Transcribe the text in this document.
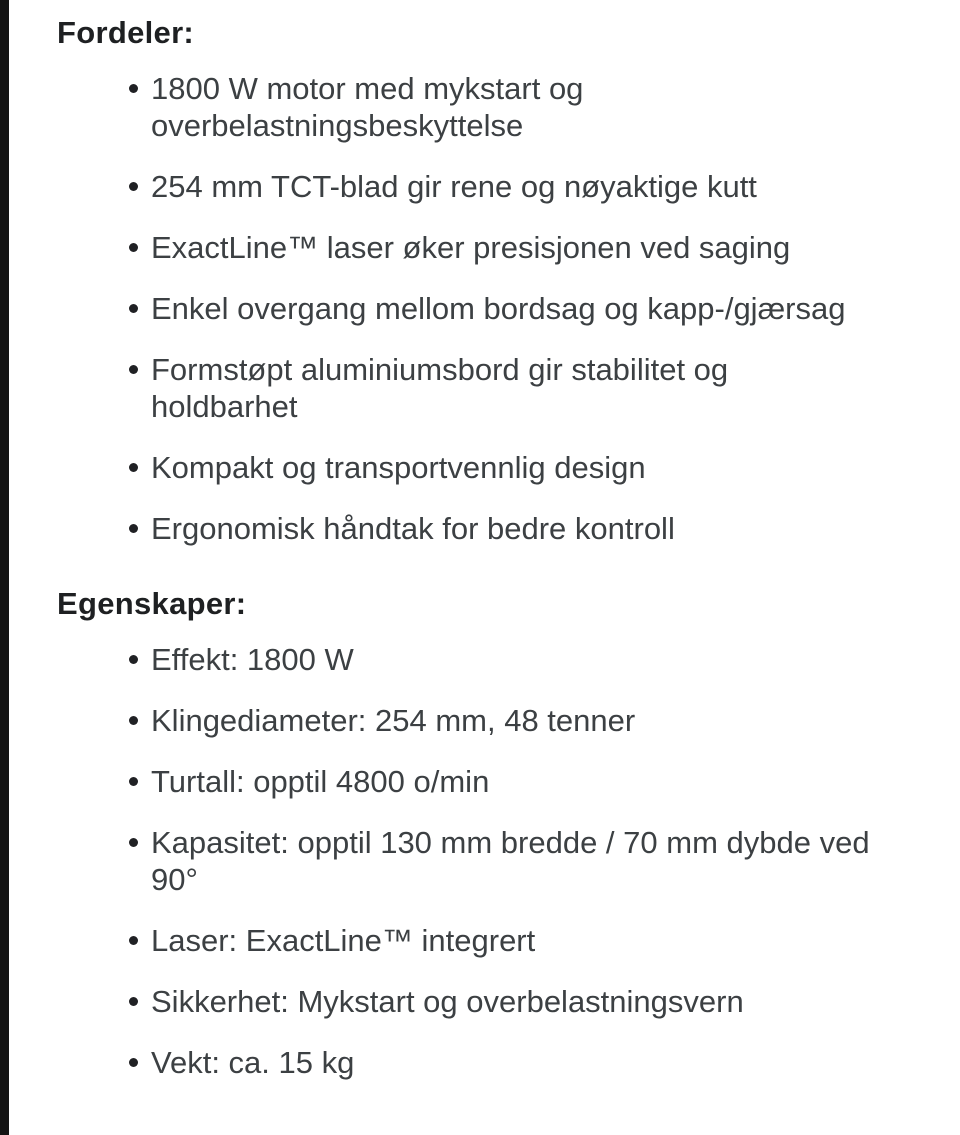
Fordeler:
1800 W motor med mykstart og overbelastningsbeskyttelse
254 mm TCT-blad gir rene og nøyaktige kutt
ExactLine™ laser øker presisjonen ved saging
Enkel overgang mellom bordsag og kapp-/gjærsag
Formstøpt aluminiumsbord gir stabilitet og holdbarhet
Kompakt og transportvennlig design
Ergonomisk håndtak for bedre kontroll
Egenskaper:
Effekt: 1800 W
Klingediameter: 254 mm, 48 tenner
Turtall: opptil 4800 o/min
Kapasitet: opptil 130 mm bredde / 70 mm dybde ved 90°
Laser: ExactLine™ integrert
Sikkerhet: Mykstart og overbelastningsvern
Vekt: ca. 15 kg
